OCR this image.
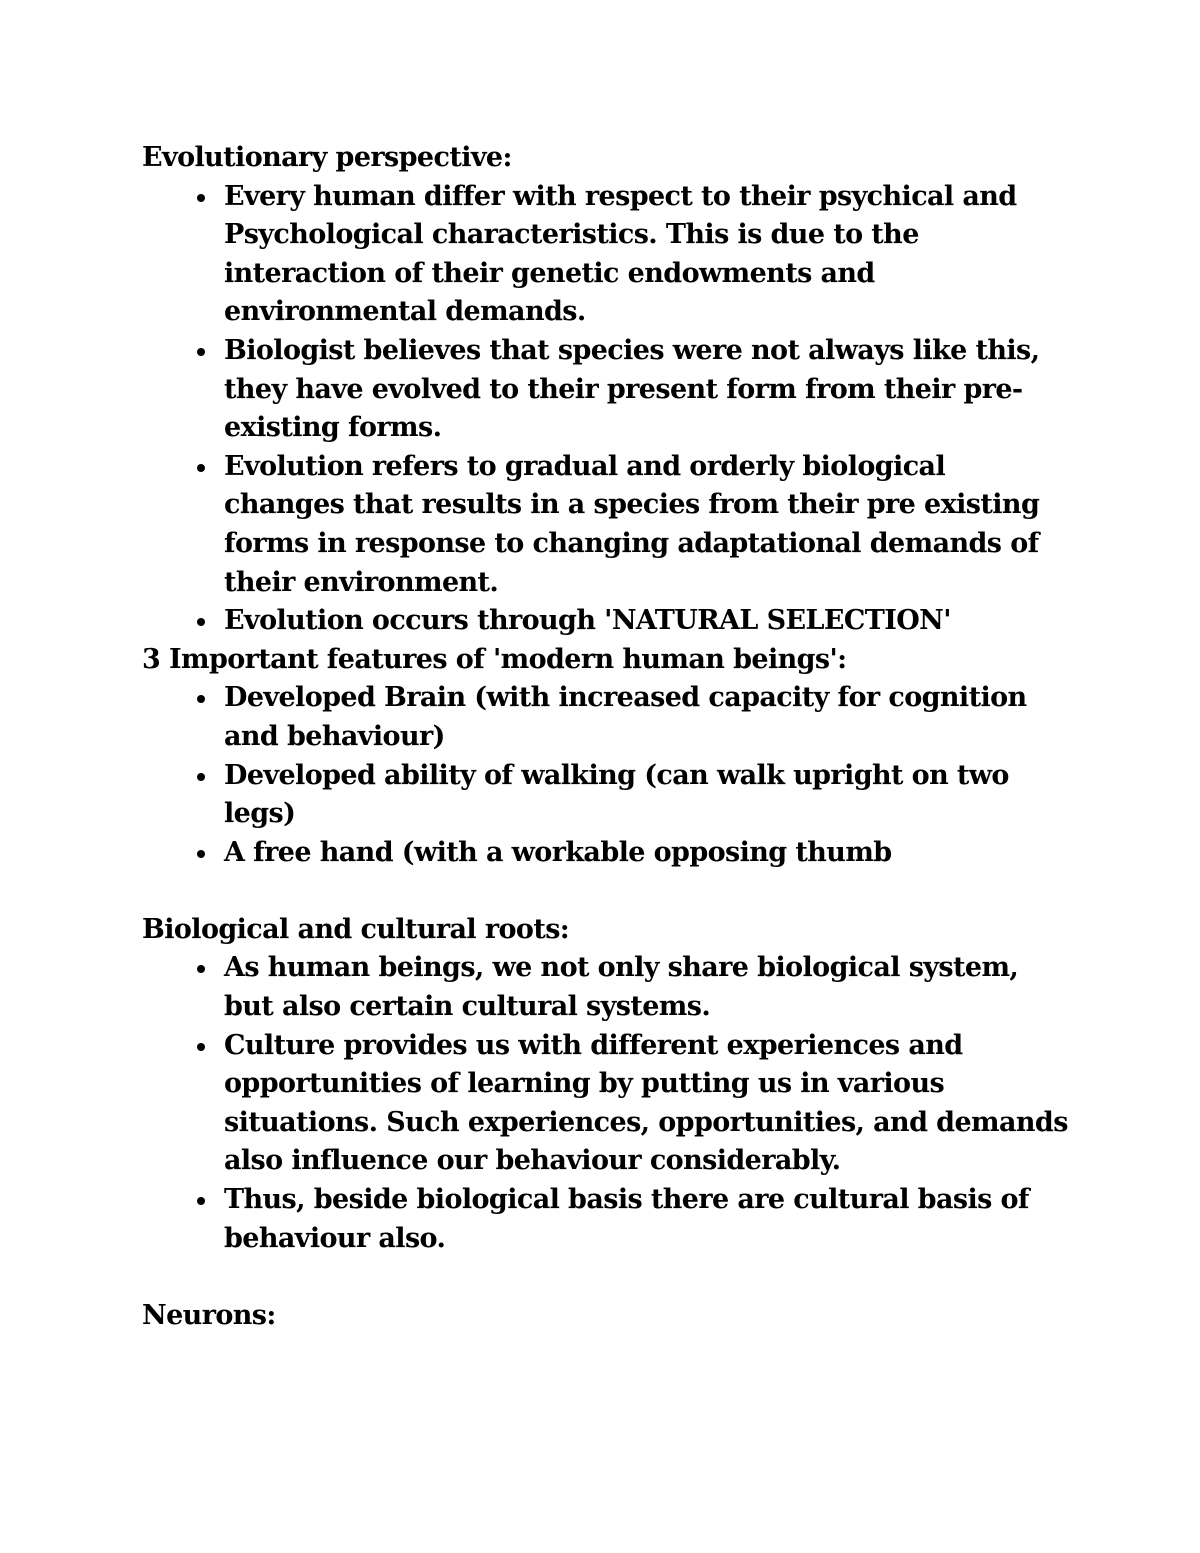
Evolutionary perspective:

Every human differ with respect to their psychical and Psychological characteristics. This is due to the interaction of their genetic endowments and environmental demands.
Biologist believes that species were not always like this, they have evolved to their present form from their pre-existing forms.
Evolution refers to gradual and orderly biological changes that results in a species from their pre existing forms in response to changing adaptational demands of their environment.
Evolution occurs through 'NATURAL SELECTION'

3 Important features of 'modern human beings':

Developed Brain (with increased capacity for cognition and behaviour)
Developed ability of walking (can walk upright on two legs)
A free hand (with a workable opposing thumb

Biological and cultural roots:

As human beings, we not only share biological system, but also certain cultural systems.
Culture provides us with different experiences and opportunities of learning by putting us in various situations. Such experiences, opportunities, and demands also influence our behaviour considerably.
Thus, beside biological basis there are cultural basis of behaviour also.

Neurons:
